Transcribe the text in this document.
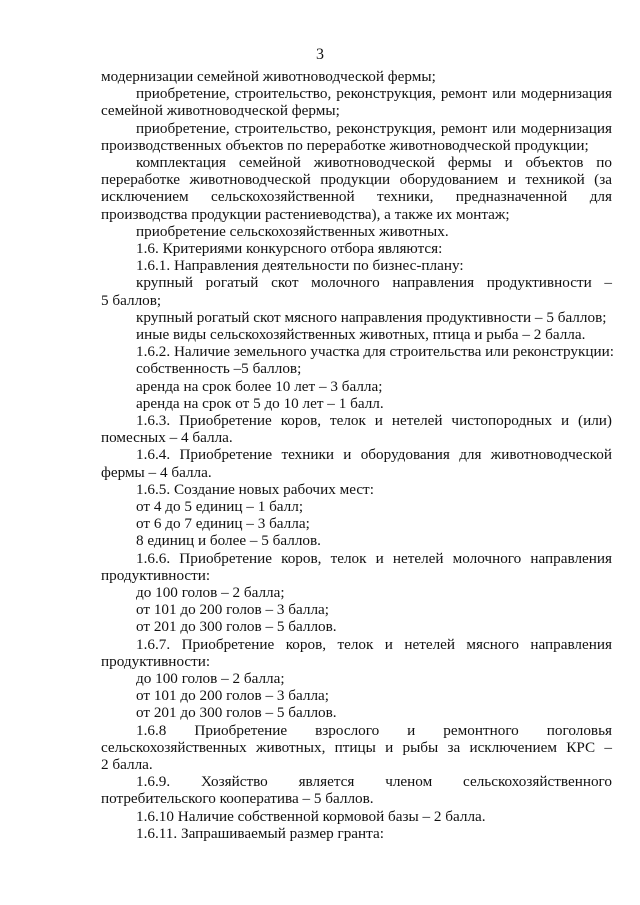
3
модернизации семейной животноводческой фермы;
приобретение, строительство, реконструкция, ремонт или модернизация
семейной животноводческой фермы;
приобретение, строительство, реконструкция, ремонт или модернизация
производственных объектов по переработке животноводческой продукции;
комплектация семейной животноводческой фермы и объектов по
переработке животноводческой продукции оборудованием и техникой (за
исключением сельскохозяйственной техники, предназначенной для
производства продукции растениеводства), а также их монтаж;
приобретение сельскохозяйственных животных.
1.6. Критериями конкурсного отбора являются:
1.6.1. Направления деятельности по бизнес-плану:
крупный рогатый скот молочного направления продуктивности –
5 баллов;
крупный рогатый скот мясного направления продуктивности – 5 баллов;
иные виды сельскохозяйственных животных, птица и рыба – 2 балла.
1.6.2. Наличие земельного участка для строительства или реконструкции:
собственность –5 баллов;
аренда на срок более 10 лет – 3 балла;
аренда на срок от 5 до 10 лет – 1 балл.
1.6.3. Приобретение коров, телок и нетелей чистопородных и (или)
помесных – 4 балла.
1.6.4. Приобретение техники и оборудования для животноводческой
фермы – 4 балла.
1.6.5. Создание новых рабочих мест:
от 4 до 5 единиц – 1 балл;
от 6 до 7 единиц – 3 балла;
8 единиц и более – 5 баллов.
1.6.6. Приобретение коров, телок и нетелей молочного направления
продуктивности:
до 100 голов – 2 балла;
от 101 до 200 голов – 3 балла;
от 201 до 300 голов – 5 баллов.
1.6.7. Приобретение коров, телок и нетелей мясного направления
продуктивности:
до 100 голов – 2 балла;
от 101 до 200 голов – 3 балла;
от 201 до 300 голов – 5 баллов.
1.6.8 Приобретение взрослого и ремонтного поголовья
сельскохозяйственных животных, птицы и рыбы за исключением КРС –
2 балла.
1.6.9. Хозяйство является членом сельскохозяйственного
потребительского кооператива – 5 баллов.
1.6.10 Наличие собственной кормовой базы – 2 балла.
1.6.11. Запрашиваемый размер гранта:
